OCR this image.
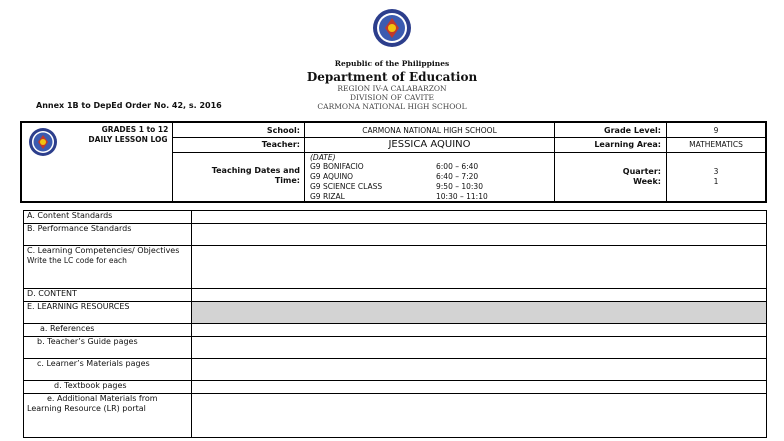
Republic of the Philippines
Department of Education
REGION IV-A CALABARZON
DIVISION OF CAVITE
CARMONA NATIONAL HIGH SCHOOL
Annex 1B to DepEd Order No. 42, s. 2016
GRADES 1 to 12
DAILY LESSON LOG
School:	CARMONA NATIONAL HIGH SCHOOL	Grade Level:	9
Teacher:	JESSICA AQUINO	Learning Area:	MATHEMATICS
Teaching Dates and Time:
(DATE)
G9 BONIFACIO	6:00 – 6:40
G9 AQUINO	6:40 – 7:20
G9 SCIENCE CLASS	9:50 – 10:30
G9 RIZAL	10:30 – 11:10
Quarter:	3
Week:	1
A. Content Standards	
B. Performance Standards	

C. Learning Competencies/ Objectives
Write the LC code for each	

D. CONTENT	
E. LEARNING RESOURCES	
a. References	
b. Teacher’s Guide pages	
c. Learner’s Materials pages	
d. Textbook pages	
e. Additional Materials from Learning Resource (LR) portal	
